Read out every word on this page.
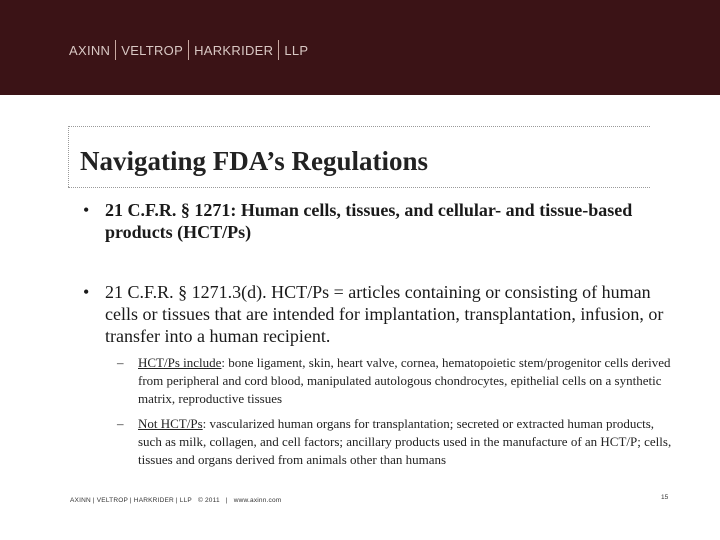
AXINN VELTROP HARKRIDER LLP
Navigating FDA’s Regulations
• 21 C.F.R. § 1271: Human cells, tissues, and cellular- and tissue-based products (HCT/Ps)
• 21 C.F.R. § 1271.3(d). HCT/Ps = articles containing or consisting of human cells or tissues that are intended for implantation, transplantation, infusion, or transfer into a human recipient.
–	HCT/Ps include: bone ligament, skin, heart valve, cornea, hematopoietic stem/progenitor cells derived from peripheral and cord blood, manipulated autologous chondrocytes, epithelial cells on a synthetic matrix, reproductive tissues
–	Not HCT/Ps: vascularized human organs for transplantation; secreted or extracted human products, such as milk, collagen, and cell factors; ancillary products used in the manufacture of an HCT/P; cells, tissues and organs derived from animals other than humans
AXINN | VELTROP | HARKRIDER | LLP © 2011 | www.axinn.com	15
